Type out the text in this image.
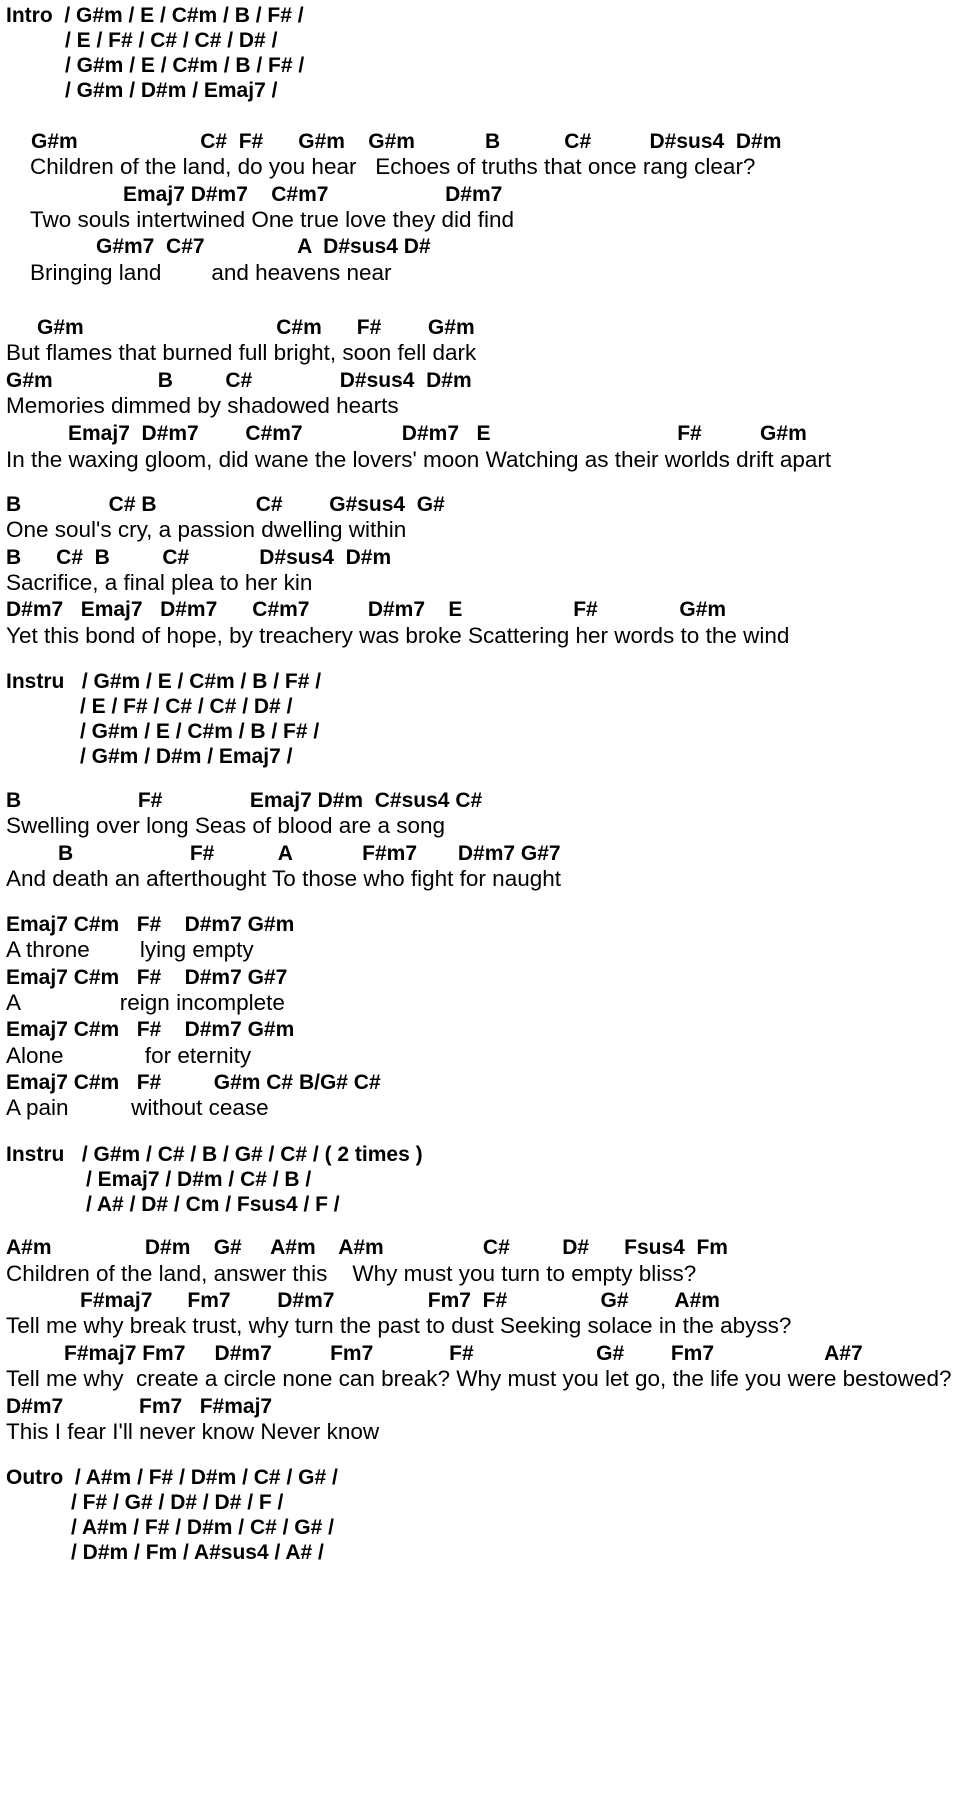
Intro  / G#m / E / C#m / B / F# /
/ E / F# / C# / C# / D# /
/ G#m / E / C#m / B / F# /
/ G#m / D#m / Emaj7 /
G#m                     C#  F#      G#m    G#m            B           C#          D#sus4  D#m
Children of the land, do you hear   Echoes of truths that once rang clear?
Emaj7 D#m7    C#m7                    D#m7
Two souls intertwined One true love they did find
G#m7  C#7                A  D#sus4 D#
Bringing land        and heavens near
G#m                                 C#m      F#        G#m
But flames that burned full bright, soon fell dark
G#m                  B         C#               D#sus4  D#m
Memories dimmed by shadowed hearts
Emaj7  D#m7        C#m7                 D#m7   E                                F#          G#m
In the waxing gloom, did wane the lovers' moon Watching as their worlds drift apart
B               C# B                 C#        G#sus4  G#
One soul's cry, a passion dwelling within
B      C#  B         C#            D#sus4  D#m
Sacrifice, a final plea to her kin
D#m7   Emaj7   D#m7      C#m7          D#m7    E                   F#              G#m
Yet this bond of hope, by treachery was broke Scattering her words to the wind
Instru   / G#m / E / C#m / B / F# /
/ E / F# / C# / C# / D# /
/ G#m / E / C#m / B / F# /
/ G#m / D#m / Emaj7 /
B                    F#               Emaj7 D#m  C#sus4 C#
Swelling over long Seas of blood are a song
B                    F#           A            F#m7       D#m7 G#7
And death an afterthought To those who fight for naught
Emaj7 C#m   F#    D#m7 G#m
A throne        lying empty
Emaj7 C#m   F#    D#m7 G#7
A                reign incomplete
Emaj7 C#m   F#    D#m7 G#m
Alone             for eternity
Emaj7 C#m   F#         G#m C# B/G# C#
A pain          without cease
Instru   / G#m / C# / B / G# / C# / ( 2 times )
/ Emaj7 / D#m / C# / B /
/ A# / D# / Cm / Fsus4 / F /
A#m                D#m    G#     A#m    A#m                 C#         D#      Fsus4  Fm
Children of the land, answer this    Why must you turn to empty bliss?
F#maj7      Fm7        D#m7                Fm7  F#                G#        A#m
Tell me why break trust, why turn the past to dust Seeking solace in the abyss?
F#maj7 Fm7     D#m7          Fm7             F#                     G#        Fm7                   A#7
Tell me why  create a circle none can break? Why must you let go, the life you were bestowed?
D#m7             Fm7   F#maj7
This I fear I'll never know Never know
Outro  / A#m / F# / D#m / C# / G# /
/ F# / G# / D# / D# / F /
/ A#m / F# / D#m / C# / G# /
/ D#m / Fm / A#sus4 / A# /
